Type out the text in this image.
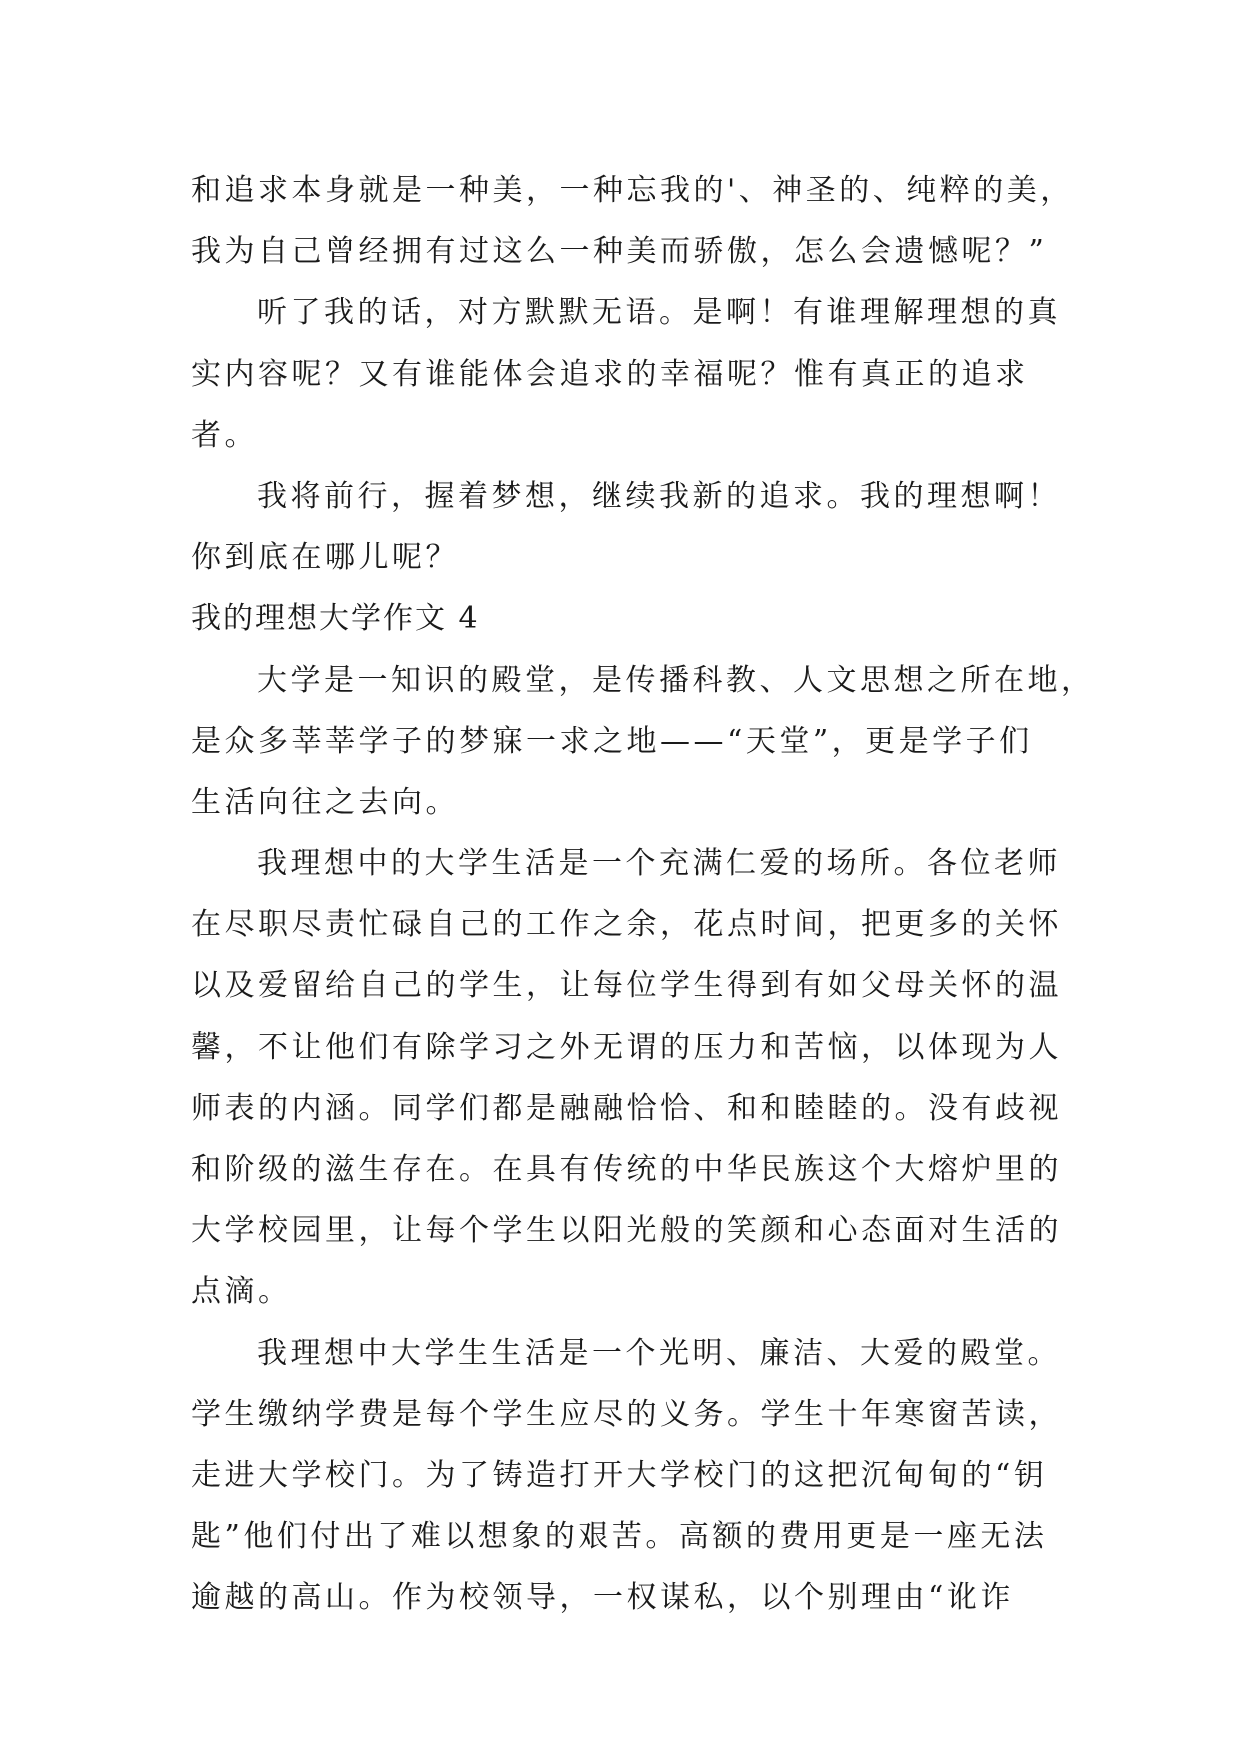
和追求本身就是一种美，一种忘我的'、神圣的、纯粹的美，
我为自己曾经拥有过这么一种美而骄傲，怎么会遗憾呢？”
听了我的话，对方默默无语。是啊！有谁理解理想的真
实内容呢？又有谁能体会追求的幸福呢？惟有真正的追求
者。
我将前行，握着梦想，继续我新的追求。我的理想啊！
你到底在哪儿呢？
我的理想大学作文 4
大学是一知识的殿堂，是传播科教、人文思想之所在地，
是众多莘莘学子的梦寐一求之地——“天堂”，更是学子们
生活向往之去向。
我理想中的大学生活是一个充满仁爱的场所。各位老师
在尽职尽责忙碌自己的工作之余，花点时间，把更多的关怀
以及爱留给自己的学生，让每位学生得到有如父母关怀的温
馨，不让他们有除学习之外无谓的压力和苦恼，以体现为人
师表的内涵。同学们都是融融恰恰、和和睦睦的。没有歧视
和阶级的滋生存在。在具有传统的中华民族这个大熔炉里的
大学校园里，让每个学生以阳光般的笑颜和心态面对生活的
点滴。
我理想中大学生生活是一个光明、廉洁、大爱的殿堂。
学生缴纳学费是每个学生应尽的义务。学生十年寒窗苦读，
走进大学校门。为了铸造打开大学校门的这把沉甸甸的“钥
匙”他们付出了难以想象的艰苦。高额的费用更是一座无法
逾越的高山。作为校领导，一权谋私，以个别理由“讹诈
